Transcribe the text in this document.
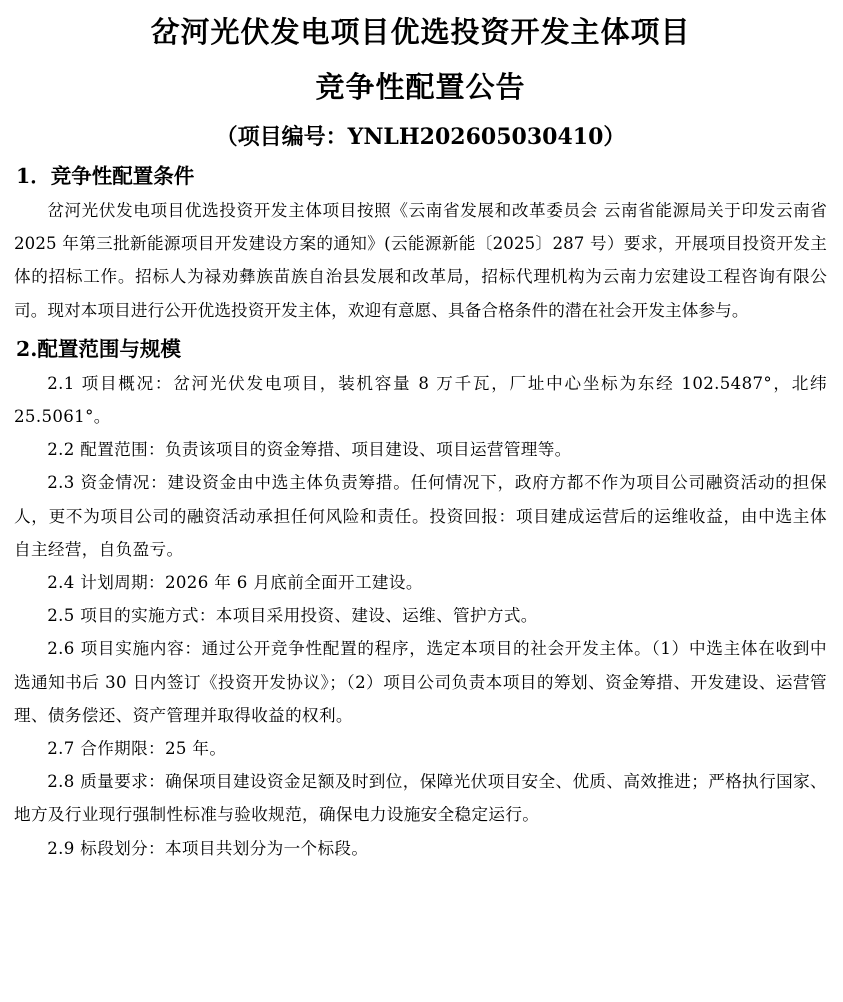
岔河光伏发电项目优选投资开发主体项目
竞争性配置公告
（项目编号：YNLH202605030410）
1．竞争性配置条件

岔河光伏发电项目优选投资开发主体项目按照《云南省发展和改革委员会 云南省能源局关于印发云南省 2025 年第三批新能源项目开发建设方案的通知》(云能源新能〔2025〕287 号）要求，开展项目投资开发主体的招标工作。招标人为禄劝彝族苗族自治县发展和改革局，招标代理机构为云南力宏建设工程咨询有限公司。现对本项目进行公开优选投资开发主体，欢迎有意愿、具备合格条件的潜在社会开发主体参与。

2.配置范围与规模

2.1 项目概况：岔河光伏发电项目，装机容量 8 万千瓦，厂址中心坐标为东经 102.5487°，北纬 25.5061°。

2.2 配置范围：负责该项目的资金筹措、项目建设、项目运营管理等。

2.3 资金情况：建设资金由中选主体负责筹措。任何情况下，政府方都不作为项目公司融资活动的担保人，更不为项目公司的融资活动承担任何风险和责任。投资回报：项目建成运营后的运维收益，由中选主体自主经营，自负盈亏。

2.4 计划周期：2026 年 6 月底前全面开工建设。

2.5 项目的实施方式：本项目采用投资、建设、运维、管护方式。

2.6 项目实施内容：通过公开竞争性配置的程序，选定本项目的社会开发主体。（1）中选主体在收到中选通知书后 30 日内签订《投资开发协议》；（2）项目公司负责本项目的筹划、资金筹措、开发建设、运营管理、债务偿还、资产管理并取得收益的权利。

2.7 合作期限：25 年。

2.8 质量要求：确保项目建设资金足额及时到位，保障光伏项目安全、优质、高效推进；严格执行国家、地方及行业现行强制性标准与验收规范，确保电力设施安全稳定运行。

2.9 标段划分：本项目共划分为一个标段。
